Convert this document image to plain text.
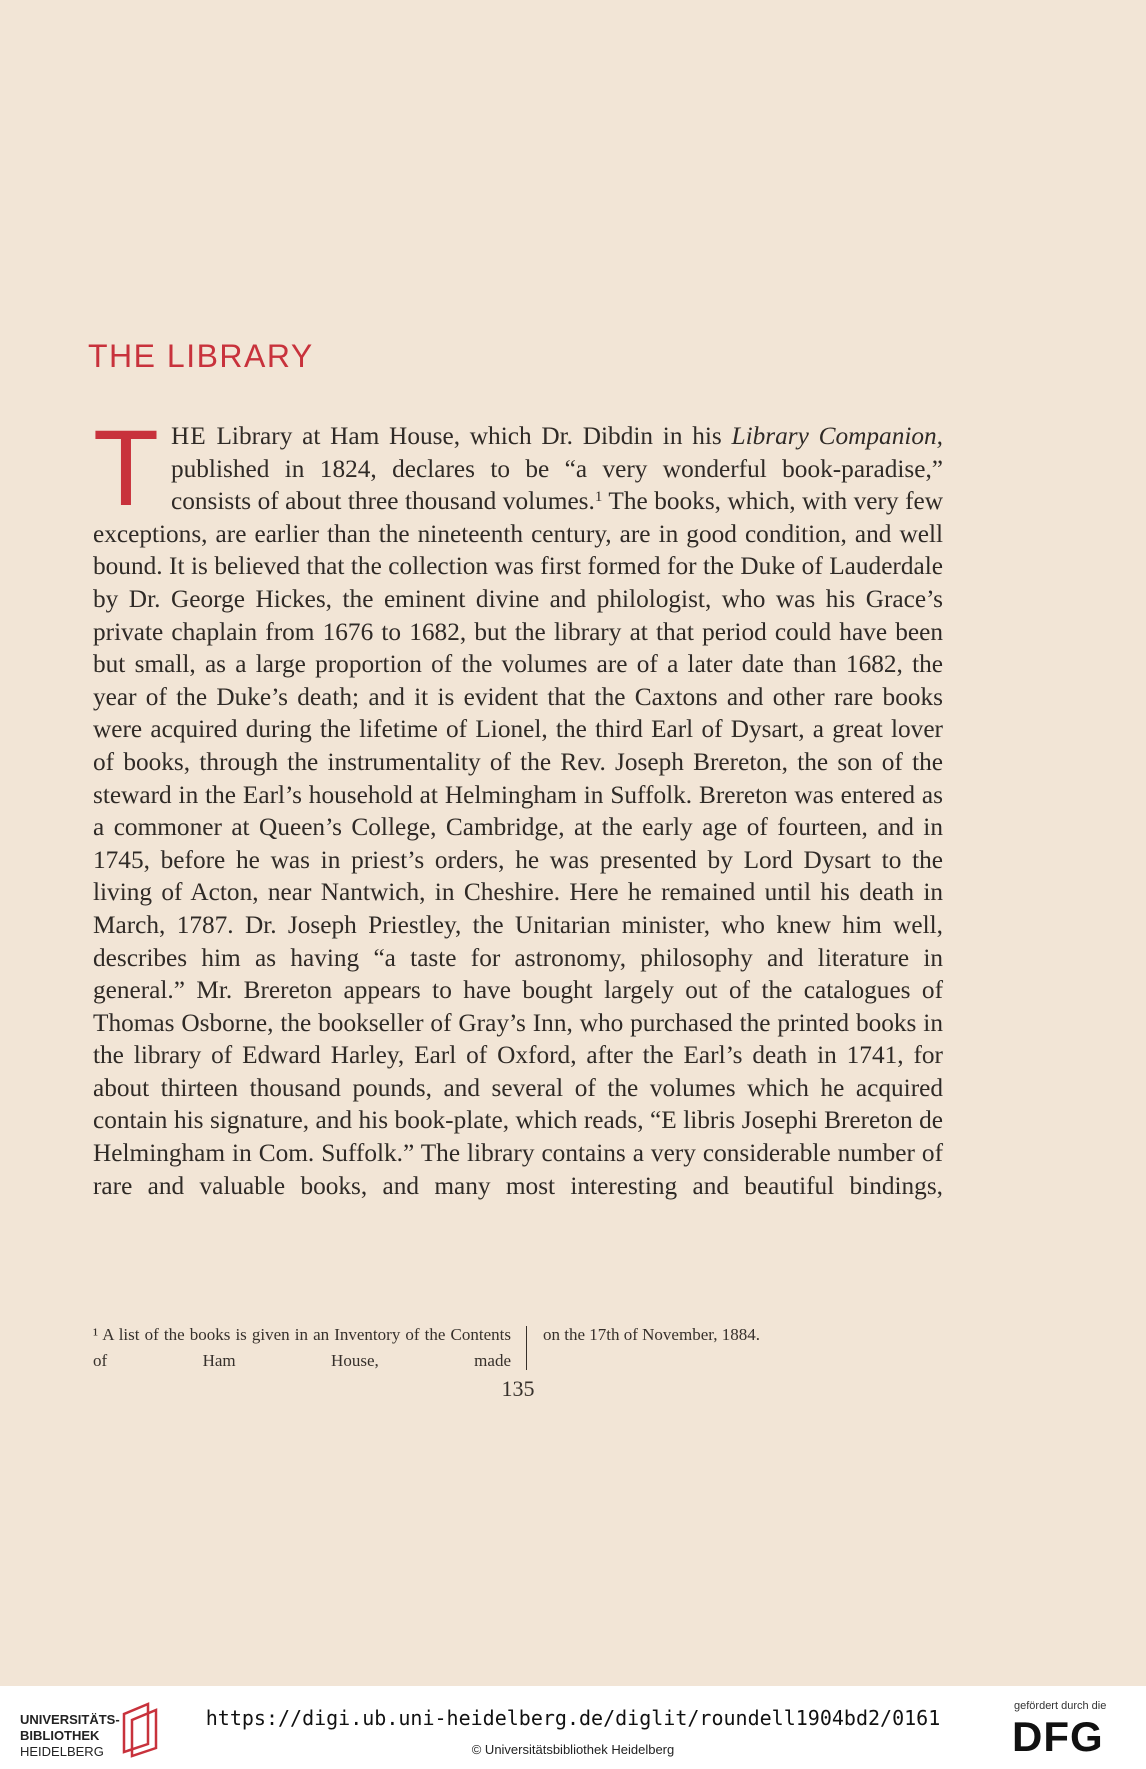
THE LIBRARY

THE Library at Ham House, which Dr. Dibdin in his Library Companion, published in 1824, declares to be “a very wonderful book-paradise,” consists of about three thousand volumes.$^1$ The books, which, with very few exceptions, are earlier than the nineteenth century, are in good condition, and well bound. It is believed that the collection was first formed for the Duke of Lauderdale by Dr. George Hickes, the eminent divine and philologist, who was his Grace’s private chaplain from 1676 to 1682, but the library at that period could have been but small, as a large proportion of the volumes are of a later date than 1682, the year of the Duke’s death; and it is evident that the Caxtons and other rare books were acquired during the lifetime of Lionel, the third Earl of Dysart, a great lover of books, through the instrumentality of the Rev. Joseph Brereton, the son of the steward in the Earl’s household at Helmingham in Suffolk. Brereton was entered as a commoner at Queen’s College, Cambridge, at the early age of fourteen, and in 1745, before he was in priest’s orders, he was presented by Lord Dysart to the living of Acton, near Nantwich, in Cheshire. Here he remained until his death in March, 1787. Dr. Joseph Priestley, the Unitarian minister, who knew him well, describes him as having “a taste for astronomy, philosophy and literature in general.” Mr. Brereton appears to have bought largely out of the catalogues of Thomas Osborne, the bookseller of Gray’s Inn, who purchased the printed books in the library of Edward Harley, Earl of Oxford, after the Earl’s death in 1741, for about thirteen thousand pounds, and several of the volumes which he acquired contain his signature, and his book-plate, which reads, “E libris Josephi Brereton de Helmingham in Com. Suffolk.” The library contains a very considerable number of rare and valuable books, and many most interesting and beautiful bindings,

¹ A list of the books is given in an Inventory of the Contents of Ham House, made

on the 17th of November, 1884.

135
UNIVERSITÄTS-
BIBLIOTHEK
HEIDELBERG
https://digi.ub.uni-heidelberg.de/diglit/roundell1904bd2/0161
© Universitätsbibliothek Heidelberg
gefördert durch die
DFG
